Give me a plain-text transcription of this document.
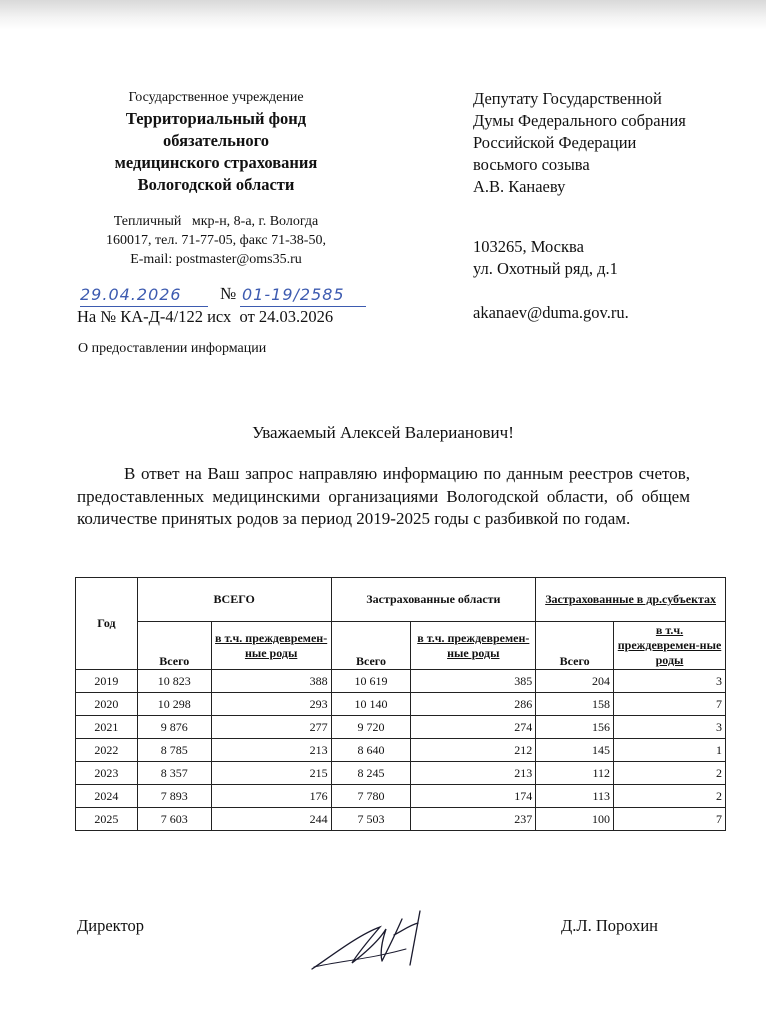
Государственное учреждение
Территориальный фонд
обязательного
медицинского страхования
Вологодской области
Тепличный   мкр-н, 8-а, г. Вологда
160017, тел. 71-77-05, факс 71-38-50,
E-mail: postmaster@oms35.ru
29.04.2026 № 01-19/2585
На № КА-Д-4/122 исх  от 24.03.2026
О предоставлении информации
Депутату Государственной
Думы Федерального собрания
Российской Федерации
восьмого созыва
А.В. Канаеву
103265, Москва
ул. Охотный ряд, д.1
akanaev@duma.gov.ru.
Уважаемый Алексей Валерианович!

В ответ на Ваш запрос направляю информацию по данным реестров счетов, предоставленных медицинскими организациями Вологодской области, об общем количестве принятых родов за период 2019-2025 годы с разбивкой по годам.

Год	ВСЕГО		Застрахованные области		Застрахованные в др.субъектах	
	Всего	в т.ч. преждевремен-ные роды	Всего	в т.ч. преждевремен-ные роды	Всего	в т.ч. преждевремен-ные роды
2019	10 823	388	10 619	385	204	3
2020	10 298	293	10 140	286	158	7
2021	9 876	277	9 720	274	156	3
2022	8 785	213	8 640	212	145	1
2023	8 357	215	8 245	213	112	2
2024	7 893	176	7 780	174	113	2
2025	7 603	244	7 503	237	100	7
Директор	Д.Л. Порохин
